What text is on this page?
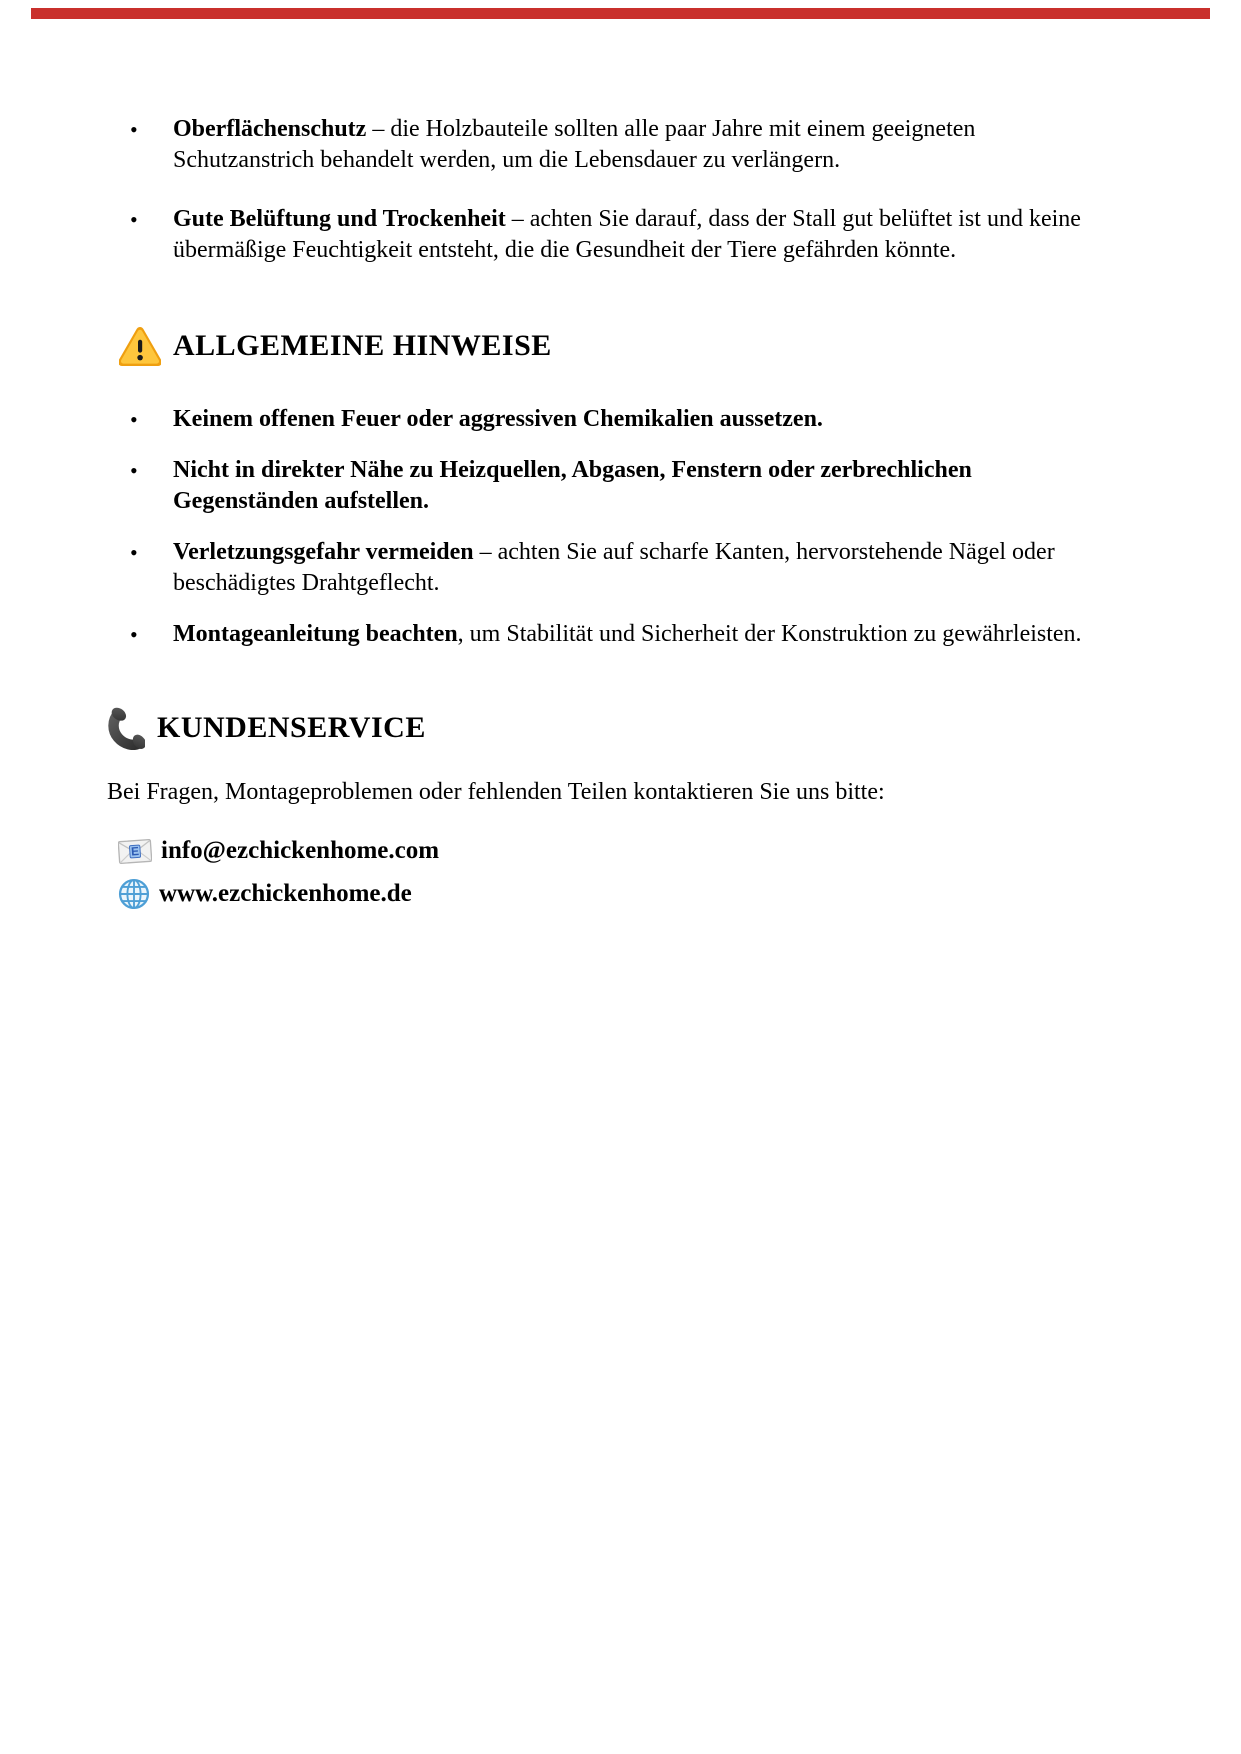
• Oberflächenschutz – die Holzbauteile sollten alle paar Jahre mit einem geeigneten Schutzanstrich behandelt werden, um die Lebensdauer zu verlängern.
• Gute Belüftung und Trockenheit – achten Sie darauf, dass der Stall gut belüftet ist und keine übermäßige Feuchtigkeit entsteht, die die Gesundheit der Tiere gefährden könnte.
ALLGEMEINE HINWEISE
• Keinem offenen Feuer oder aggressiven Chemikalien aussetzen.
• Nicht in direkter Nähe zu Heizquellen, Abgasen, Fenstern oder zerbrechlichen Gegenständen aufstellen.
• Verletzungsgefahr vermeiden – achten Sie auf scharfe Kanten, hervorstehende Nägel oder beschädigtes Drahtgeflecht.
• Montageanleitung beachten, um Stabilität und Sicherheit der Konstruktion zu gewährleisten.
KUNDENSERVICE

Bei Fragen, Montageproblemen oder fehlenden Teilen kontaktieren Sie uns bitte:

E info@ezchickenhome.com
www.ezchickenhome.de
